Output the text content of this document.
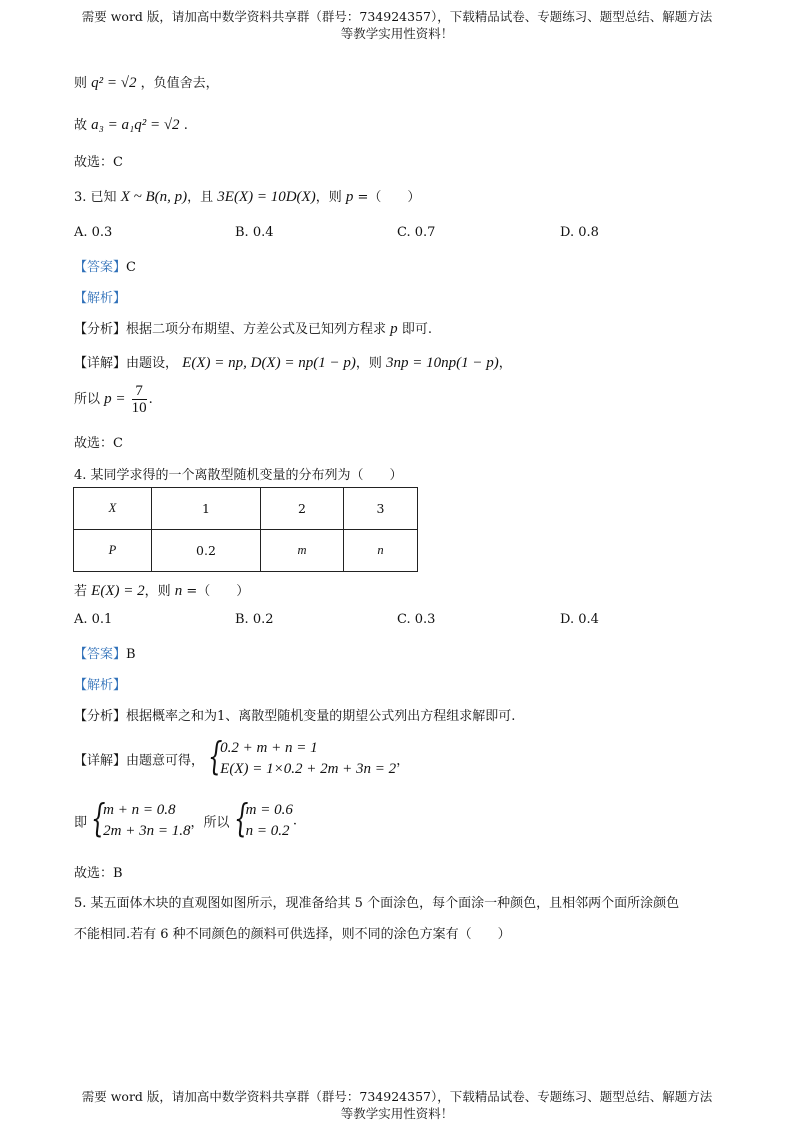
需要 word 版，请加高中数学资料共享群（群号：734924357），下载精品试卷、专题练习、题型总结、解题方法
等教学实用性资料！
则 q² = √2 ，负值舍去，
故 a₃ = a₁q² = √2 .
故选：C
3. 已知 X ~ B(n, p)，且 3E(X) = 10D(X)，则 p =（　　）
A. 0.3	B. 0.4	C. 0.7	D. 0.8
【答案】C
【解析】
【分析】根据二项分布期望、方差公式及已知列方程求 p 即可.
【详解】由题设， E(X) = np, D(X) = np(1 − p)，则 3np = 10np(1 − p)，
所以 $p = \frac{7}{10}$ .
故选：C
4. 某同学求得的一个离散型随机变量的分布列为（　　）
X	1	2	3
P	0.2	m	n
若 E(X) = 2，则 n =（　　）
A. 0.1	B. 0.2	C. 0.3	D. 0.4
【答案】B
【解析】
【分析】根据概率之和为1、离散型随机变量的期望公式列出方程组求解即可.
【详解】由题意可得， {
0.2 + m + n = 1
E(X) = 1×0.2 + 2m + 3n = 2 ，
即 {
m + n = 0.8
2m + 3n = 1.8 ，所以 {
m = 0.6
n = 0.2
.
故选：B
5. 某五面体木块的直观图如图所示，现准备给其 5 个面涂色，每个面涂一种颜色，且相邻两个面所涂颜色
不能相同.若有 6 种不同颜色的颜料可供选择，则不同的涂色方案有（　　）
需要 word 版，请加高中数学资料共享群（群号：734924357），下载精品试卷、专题练习、题型总结、解题方法
等教学实用性资料！
